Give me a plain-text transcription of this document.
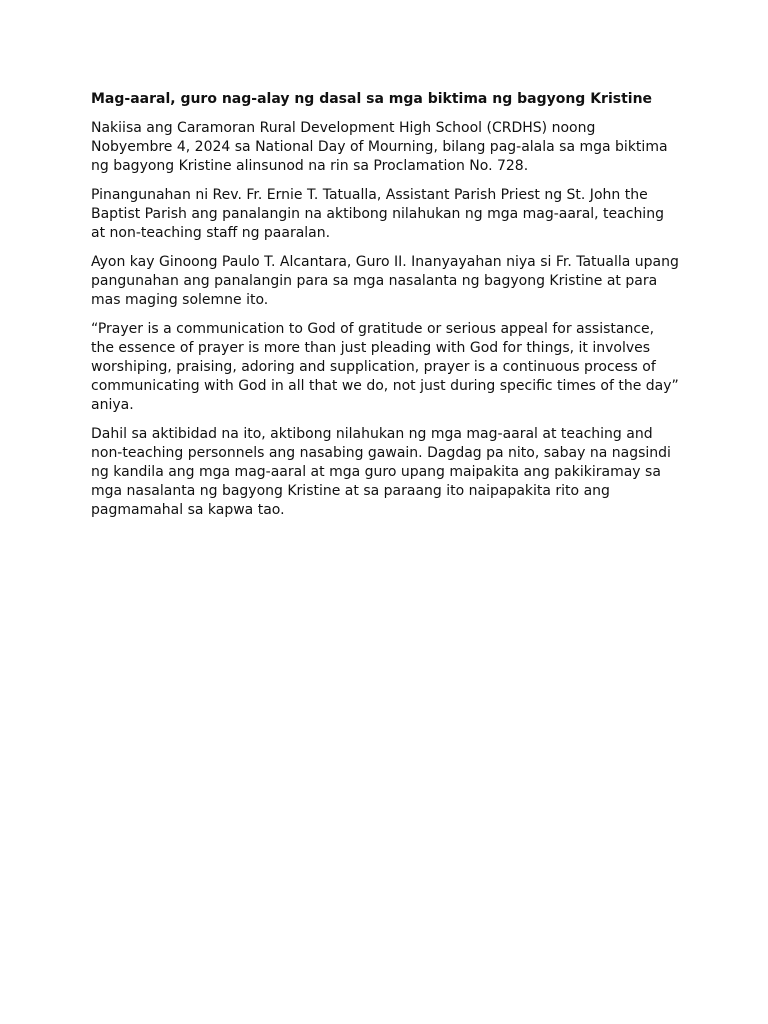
Mag-aaral, guro nag-alay ng dasal sa mga biktima ng bagyong Kristine

Nakiisa ang Caramoran Rural Development High School (CRDHS) noong Nobyembre 4, 2024 sa National Day of Mourning, bilang pag-alala sa mga biktima ng bagyong Kristine alinsunod na rin sa Proclamation No. 728.

Pinangunahan ni Rev. Fr. Ernie T. Tatualla, Assistant Parish Priest ng St. John the Baptist Parish ang panalangin na aktibong nilahukan ng mga mag-aaral, teaching at non-teaching staff ng paaralan.

Ayon kay Ginoong Paulo T. Alcantara, Guro II. Inanyayahan niya si Fr. Tatualla upang pangunahan ang panalangin para sa mga nasalanta ng bagyong Kristine at para mas maging solemne ito.

“Prayer is a communication to God of gratitude or serious appeal for assistance, the essence of prayer is more than just pleading with God for things, it involves worshiping, praising, adoring and supplication, prayer is a continuous process of communicating with God in all that we do, not just during specific times of the day” aniya.

Dahil sa aktibidad na ito, aktibong nilahukan ng mga mag-aaral at teaching and non-teaching personnels ang nasabing gawain. Dagdag pa nito, sabay na nagsindi ng kandila ang mga mag-aaral at mga guro upang maipakita ang pakikiramay sa mga nasalanta ng bagyong Kristine at sa paraang ito naipapakita rito ang pagmamahal sa kapwa tao.
